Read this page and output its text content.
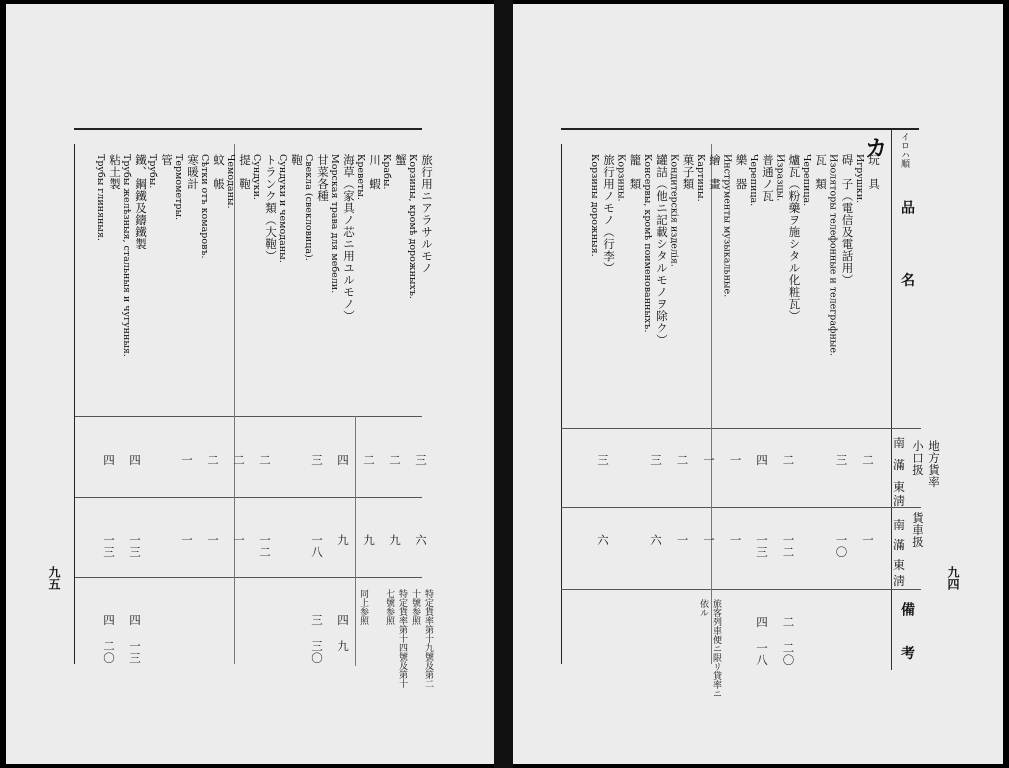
旅行用ニアラサルモノ
Корзины, кромѣ дорожныхъ.
三
六
特定貨率第十九號及第二十號参照
蟹
Крабы.
二
九
特定貨率第十四號及第十七號参照
川　蝦
Креветы.
二
九
同上参照
海草（家具ノ芯ニ用ユルモノ）
Морская трава для мебели.
四
九
四
九
甘菜各種
Свекла (свекловица).
三
一八
三
三〇
鞄
Сундуки и чемоданы.
トランク類（大鞄）
Сундуки.
二
一二
提　鞄
Чемоданы.
二
一
蚊　帳
Сѣтки отъ комаровъ.
二
一
寒暖計
Термометры.
一
一
管
Трубы.
鐵、鋼鐵及鑄鐵製
Трубы желѣзныя, стальныя и чугунныя.
四
一三
四
一三
粘土製
Трубы глиняныя.
四
一三
四
二〇
九五
カ イロハ順
品　　　　名
地方貨率
小口扱
貨車扱
南
滿
東
淸
南
滿
東
淸
備　　考
玩　具
Игрушки.
二
一
碍　子（電信及電話用）
Изоляторы телефонные и телеграфные.
三
一〇
瓦　類
Черепица.
爐瓦（粉藥ヲ施シタル化粧瓦）
Изразцы.
二
一二
二
二〇
普通ノ瓦
Черепица.
四
一三
四
一八
樂　器
Инструменты музыкальные.
一
一
繪　畫
Картины.
一
一
旅客列車便ニ限リ貸率ニ依ル
菓子類
Кондитерскія изделія.
二
一
罐詰（他ニ記載シタルモノヲ除ク）
Консервы, кромѣ поименованныхъ.
三
六
籠　類
Корзины.
旅行用ノモノ（行李）
Корзины дорожныя.
三
六
九四
